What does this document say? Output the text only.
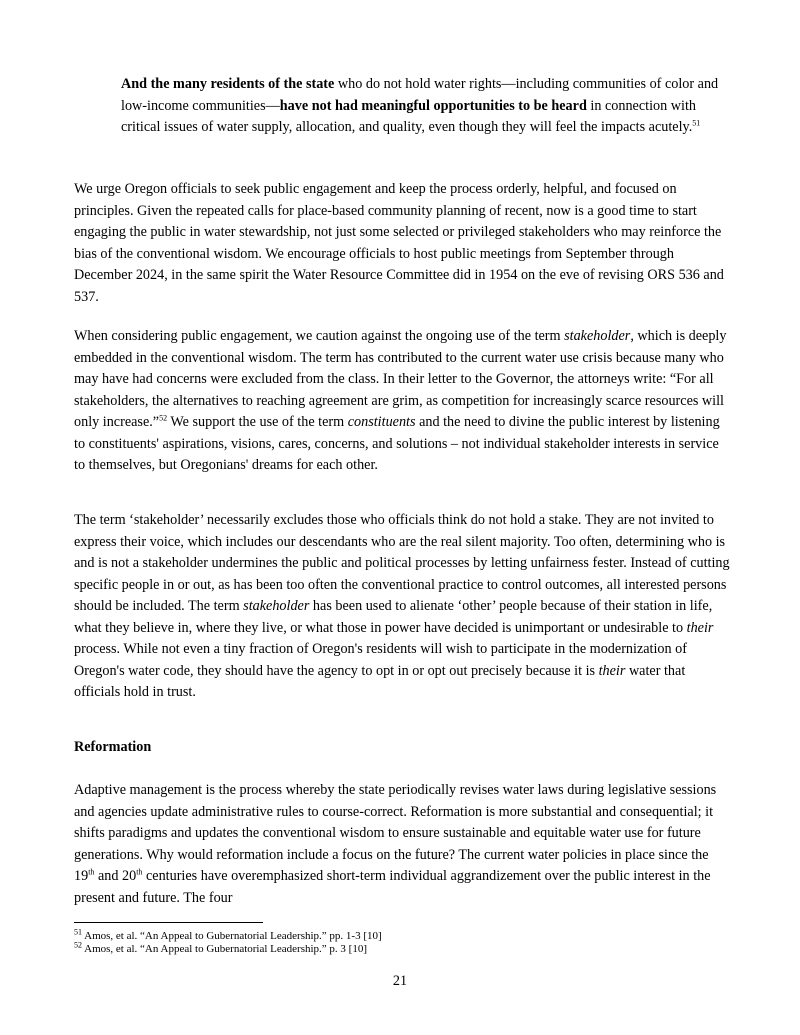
And the many residents of the state who do not hold water rights—including communities of color and low-income communities—have not had meaningful opportunities to be heard in connection with critical issues of water supply, allocation, and quality, even though they will feel the impacts acutely.$^{51}$

We urge Oregon officials to seek public engagement and keep the process orderly, helpful, and focused on principles. Given the repeated calls for place-based community planning of recent, now is a good time to start engaging the public in water stewardship, not just some selected or privileged stakeholders who may reinforce the bias of the conventional wisdom. We encourage officials to host public meetings from September through December 2024, in the same spirit the Water Resource Committee did in 1954 on the eve of revising ORS 536 and 537.

When considering public engagement, we caution against the ongoing use of the term stakeholder, which is deeply embedded in the conventional wisdom. The term has contributed to the current water use crisis because many who may have had concerns were excluded from the class. In their letter to the Governor, the attorneys write: “For all stakeholders, the alternatives to reaching agreement are grim, as competition for increasingly scarce resources will only increase.”$^{52}$ We support the use of the term constituents and the need to divine the public interest by listening to constituents' aspirations, visions, cares, concerns, and solutions – not individual stakeholder interests in service to themselves, but Oregonians' dreams for each other.

The term ‘stakeholder’ necessarily excludes those who officials think do not hold a stake. They are not invited to express their voice, which includes our descendants who are the real silent majority. Too often, determining who is and is not a stakeholder undermines the public and political processes by letting unfairness fester. Instead of cutting specific people in or out, as has been too often the conventional practice to control outcomes, all interested persons should be included. The term stakeholder has been used to alienate ‘other’ people because of their station in life, what they believe in, where they live, or what those in power have decided is unimportant or undesirable to their process. While not even a tiny fraction of Oregon's residents will wish to participate in the modernization of Oregon's water code, they should have the agency to opt in or opt out precisely because it is their water that officials hold in trust.

Reformation

Adaptive management is the process whereby the state periodically revises water laws during legislative sessions and agencies update administrative rules to course-correct. Reformation is more substantial and consequential; it shifts paradigms and updates the conventional wisdom to ensure sustainable and equitable water use for future generations. Why would reformation include a focus on the future? The current water policies in place since the 19th and 20th centuries have overemphasized short-term individual aggrandizement over the public interest in the present and future. The four

$^{51}$ Amos, et al. “An Appeal to Gubernatorial Leadership.” pp. 1-3 [10]
$^{52}$ Amos, et al. “An Appeal to Gubernatorial Leadership.” p. 3 [10]
21
